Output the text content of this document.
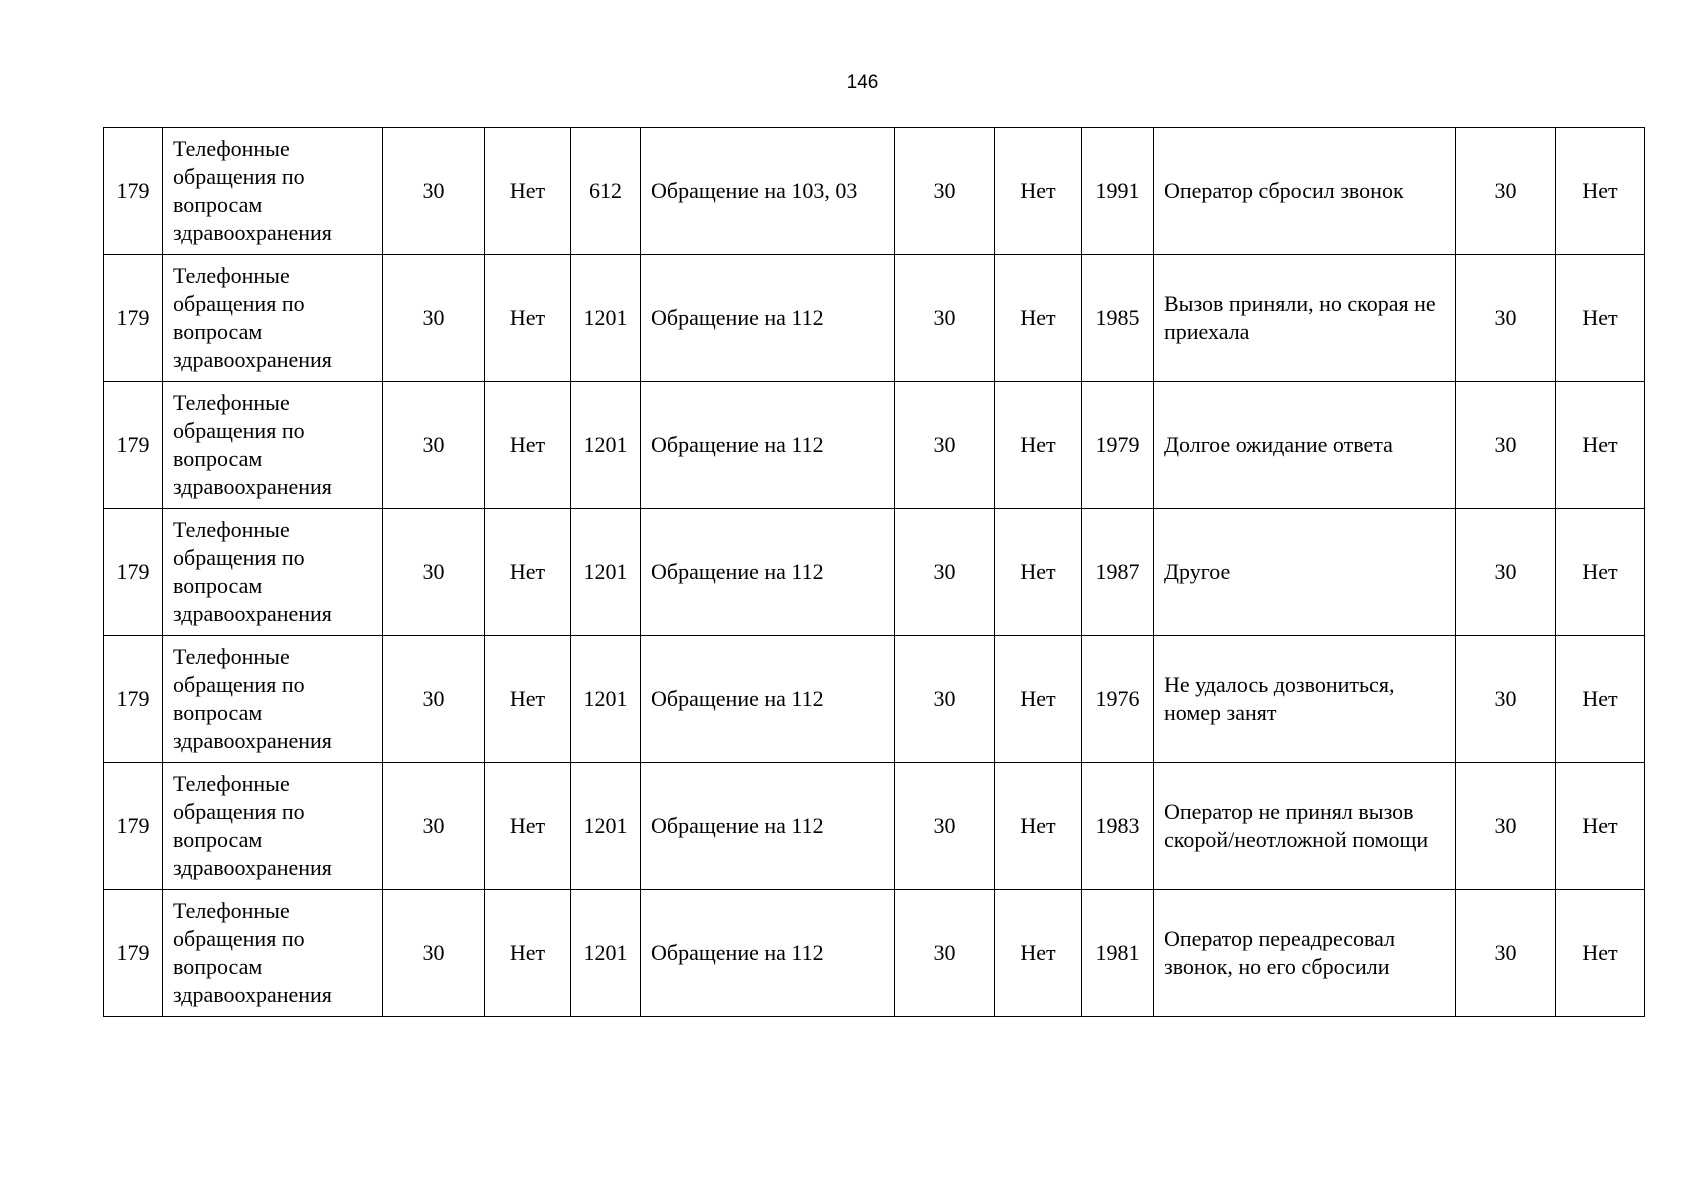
146
179	Телефонные обращения по вопросам здравоохранения	30	Нет	612	Обращение на 103, 03	30	Нет	1991	Оператор сбросил звонок	30	Нет
179	Телефонные обращения по вопросам здравоохранения	30	Нет	1201	Обращение на 112	30	Нет	1985	Вызов приняли, но скорая не приехала	30	Нет
179	Телефонные обращения по вопросам здравоохранения	30	Нет	1201	Обращение на 112	30	Нет	1979	Долгое ожидание ответа	30	Нет
179	Телефонные обращения по вопросам здравоохранения	30	Нет	1201	Обращение на 112	30	Нет	1987	Другое	30	Нет
179	Телефонные обращения по вопросам здравоохранения	30	Нет	1201	Обращение на 112	30	Нет	1976	Не удалось дозвониться, номер занят	30	Нет
179	Телефонные обращения по вопросам здравоохранения	30	Нет	1201	Обращение на 112	30	Нет	1983	Оператор не принял вызов скорой/неотложной помощи	30	Нет
179	Телефонные обращения по вопросам здравоохранения	30	Нет	1201	Обращение на 112	30	Нет	1981	Оператор переадресовал звонок, но его сбросили	30	Нет
